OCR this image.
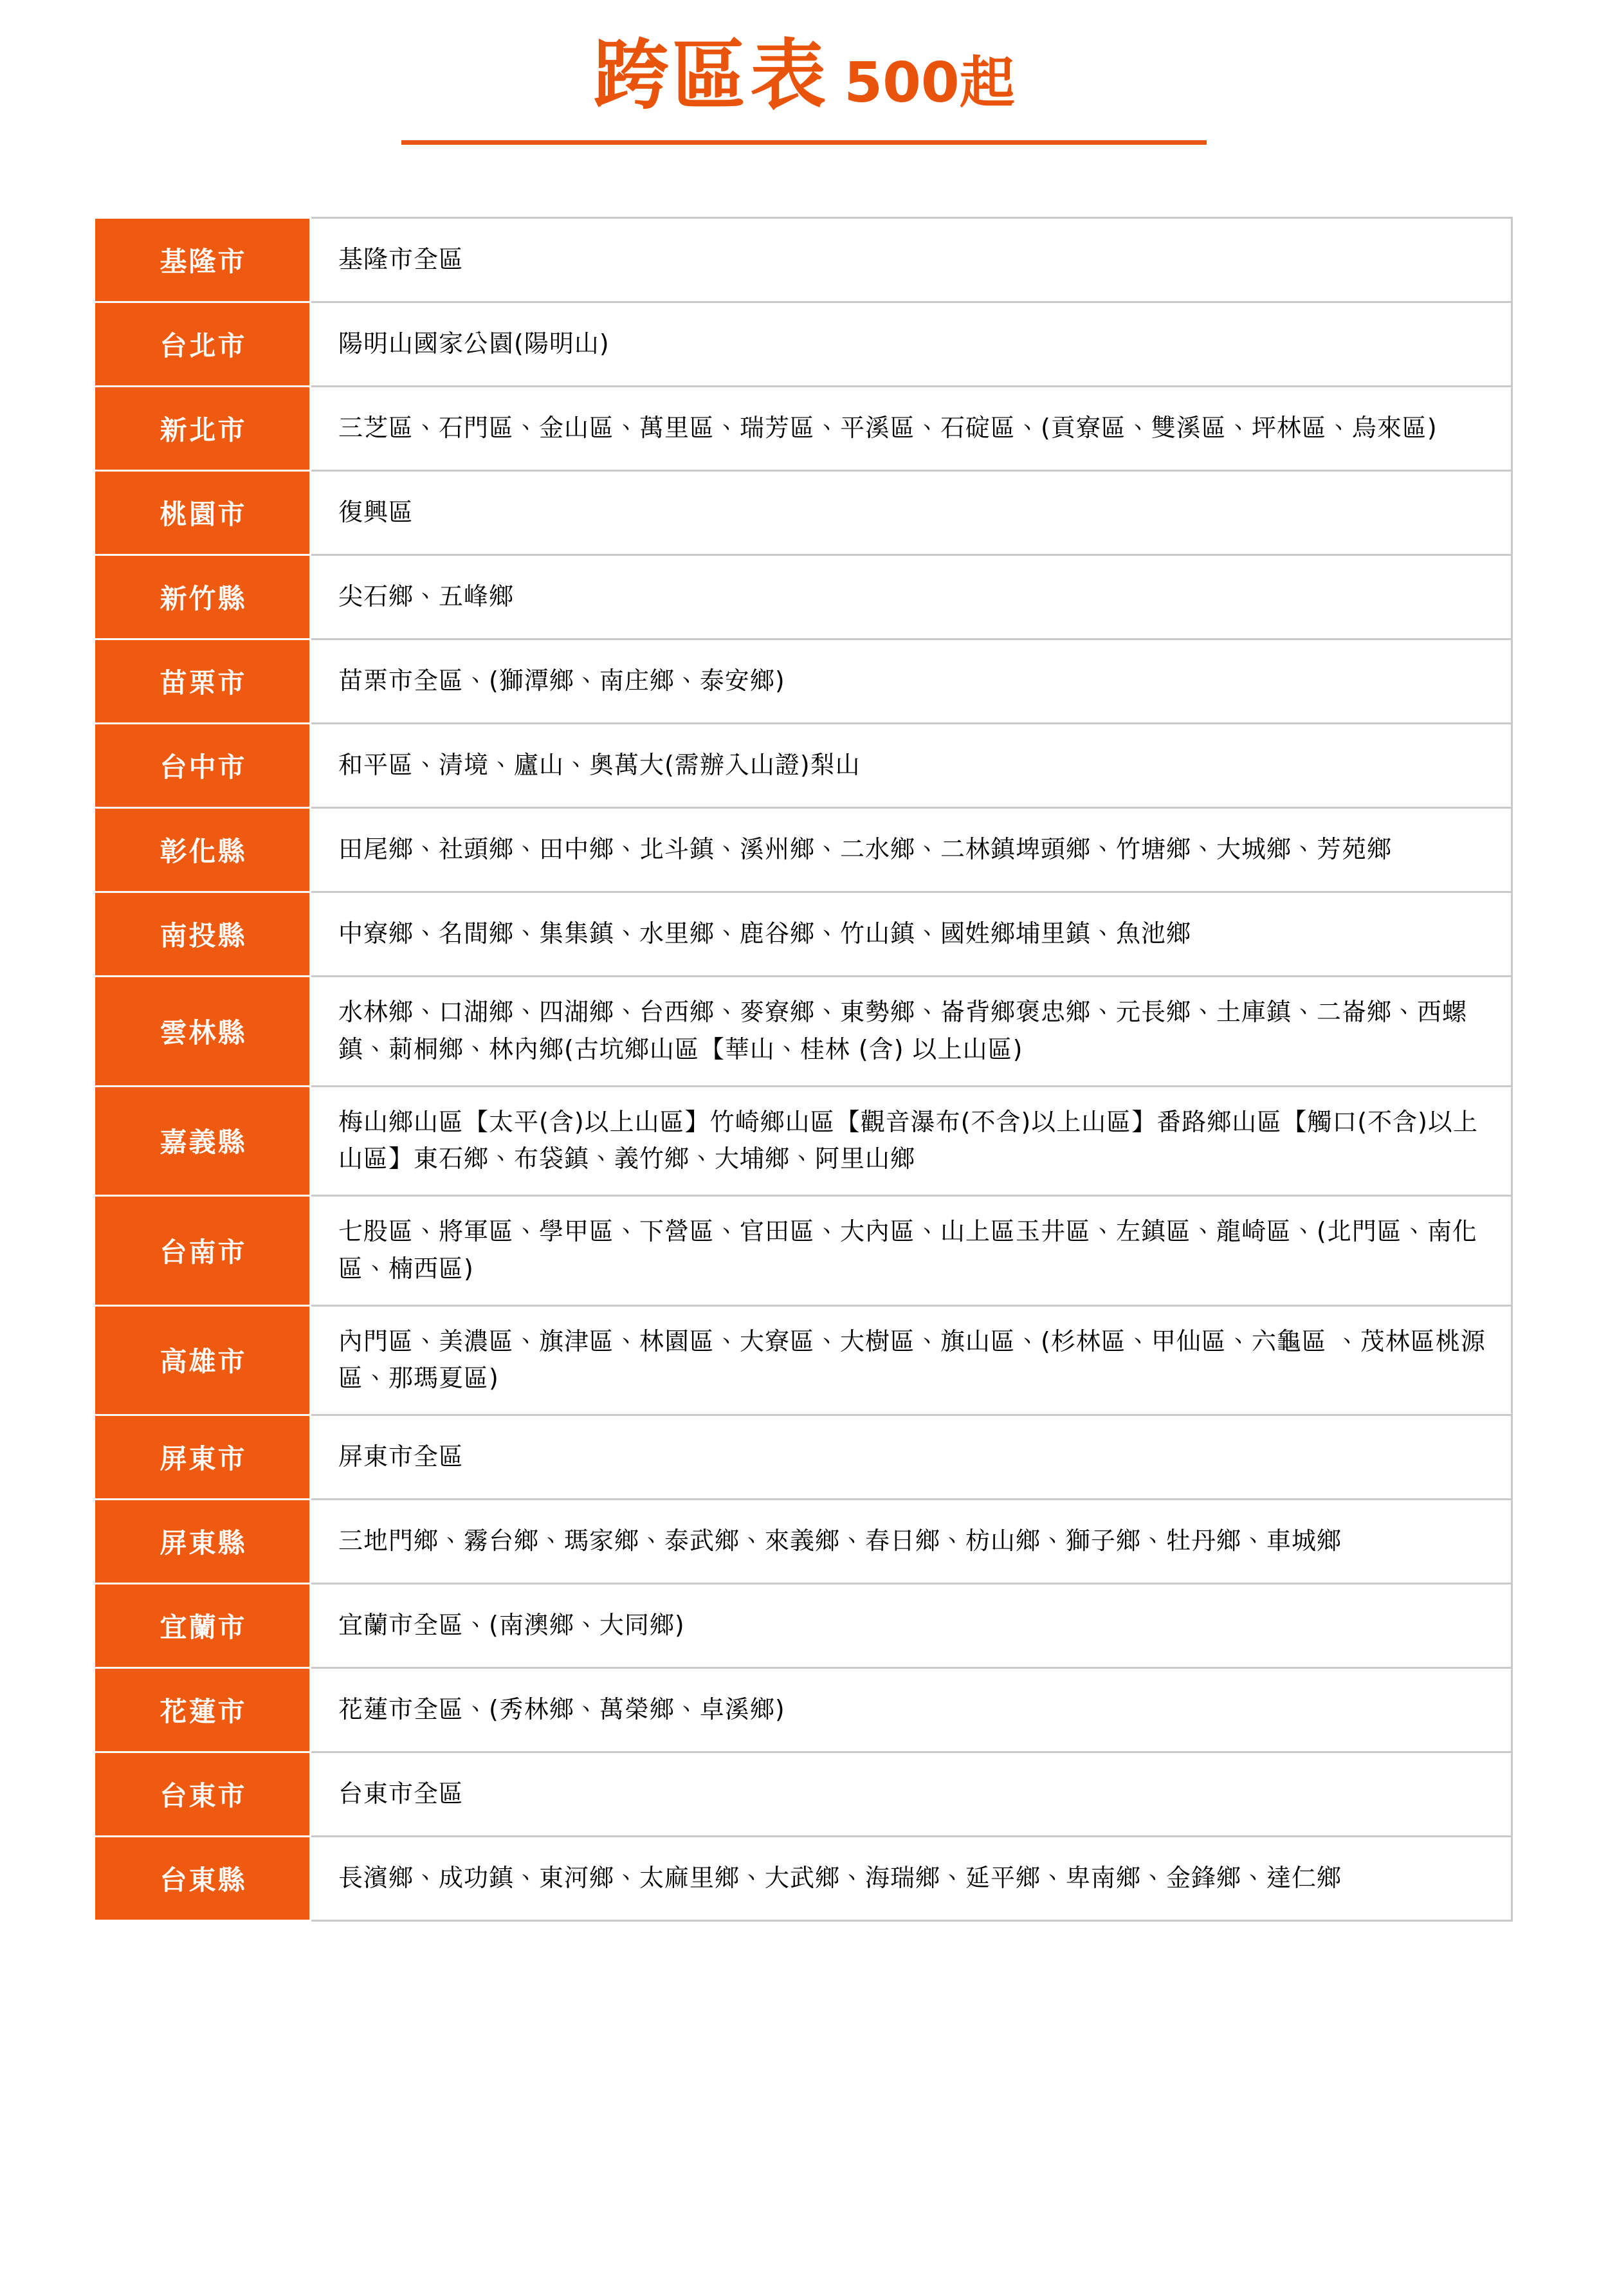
跨區表 500起
基隆市	基隆市全區

台北市	陽明山國家公園(陽明山)

新北市	三芝區、石門區、金山區、萬里區、瑞芳區、平溪區、石碇區、(貢寮區、雙溪區、坪林區、烏來區)

桃園市	復興區

新竹縣	尖石鄉、五峰鄉

苗栗市	苗栗市全區、(獅潭鄉、南庄鄉、泰安鄉)

台中市	和平區、清境、廬山、奧萬大(需辦入山證)梨山

彰化縣	田尾鄉、社頭鄉、田中鄉、北斗鎮、溪州鄉、二水鄉、二林鎮埤頭鄉、竹塘鄉、大城鄉、芳苑鄉

南投縣	中寮鄉、名間鄉、集集鎮、水里鄉、鹿谷鄉、竹山鎮、國姓鄉埔里鎮、魚池鄉

雲林縣	水林鄉、口湖鄉、四湖鄉、台西鄉、麥寮鄉、東勢鄉、崙背鄉褒忠鄉、元長鄉、土庫鎮、二崙鄉、西螺鎮、莿桐鄉、林內鄉(古坑鄉山區【華山、桂林 (含) 以上山區)

嘉義縣	梅山鄉山區【太平(含)以上山區】竹崎鄉山區【觀音瀑布(不含)以上山區】番路鄉山區【觸口(不含)以上山區】東石鄉、布袋鎮、義竹鄉、大埔鄉、阿里山鄉

台南市	七股區、將軍區、學甲區、下營區、官田區、大內區、山上區玉井區、左鎮區、龍崎區、(北門區、南化區、楠西區)

高雄市	內門區、美濃區、旗津區、林園區、大寮區、大樹區、旗山區、(杉林區、甲仙區、六龜區 、茂林區桃源區、那瑪夏區)

屏東市	屏東市全區

屏東縣	三地門鄉、霧台鄉、瑪家鄉、泰武鄉、來義鄉、春日鄉、枋山鄉、獅子鄉、牡丹鄉、車城鄉

宜蘭市	宜蘭市全區、(南澳鄉、大同鄉)

花蓮市	花蓮市全區、(秀林鄉、萬榮鄉、卓溪鄉)

台東市	台東市全區

台東縣	長濱鄉、成功鎮、東河鄉、太麻里鄉、大武鄉、海瑞鄉、延平鄉、卑南鄉、金鋒鄉、達仁鄉
